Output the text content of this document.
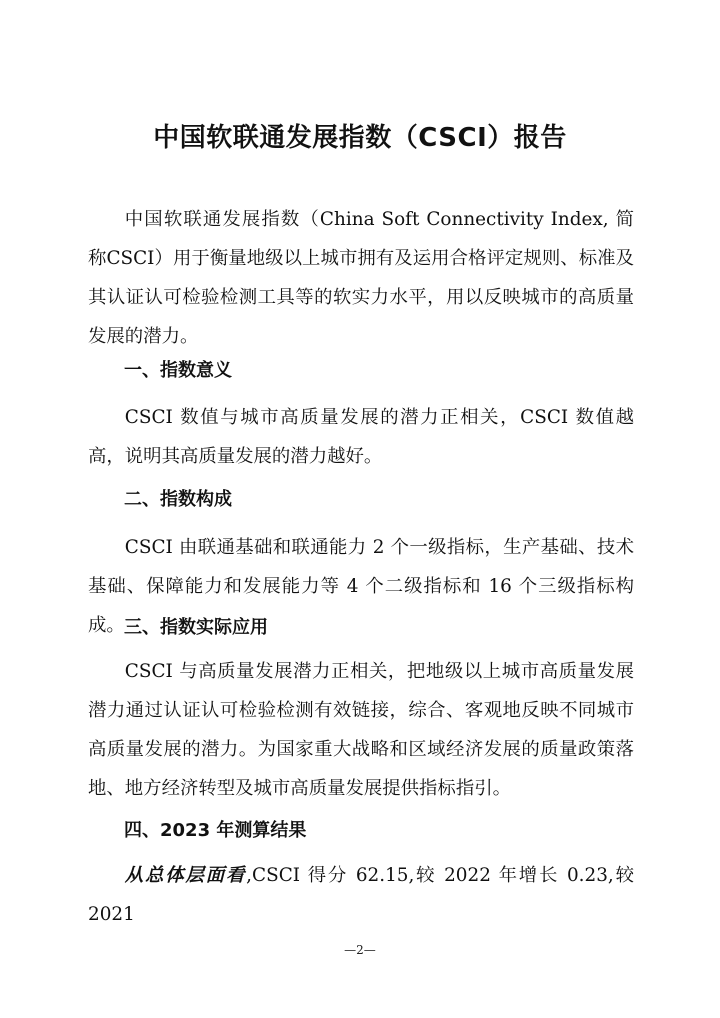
中国软联通发展指数（CSCI）报告

中国软联通发展指数（China Soft Connectivity Index, 简称CSCI）用于衡量地级以上城市拥有及运用合格评定规则、标准及其认证认可检验检测工具等的软实力水平，用以反映城市的高质量发展的潜力。

一、指数意义

CSCI 数值与城市高质量发展的潜力正相关，CSCI 数值越高，说明其高质量发展的潜力越好。

二、指数构成

CSCI 由联通基础和联通能力 2 个一级指标，生产基础、技术基础、保障能力和发展能力等 4 个二级指标和 16 个三级指标构成。 三、指数实际应用

CSCI 与高质量发展潜力正相关，把地级以上城市高质量发展潜力通过认证认可检验检测有效链接，综合、客观地反映不同城市高质量发展的潜力。为国家重大战略和区域经济发展的质量政策落地、地方经济转型及城市高质量发展提供指标指引。

四、2023 年测算结果

从总体层面看,CSCI 得分 62.15,较 2022 年增长 0.23,较 2021

—2—
